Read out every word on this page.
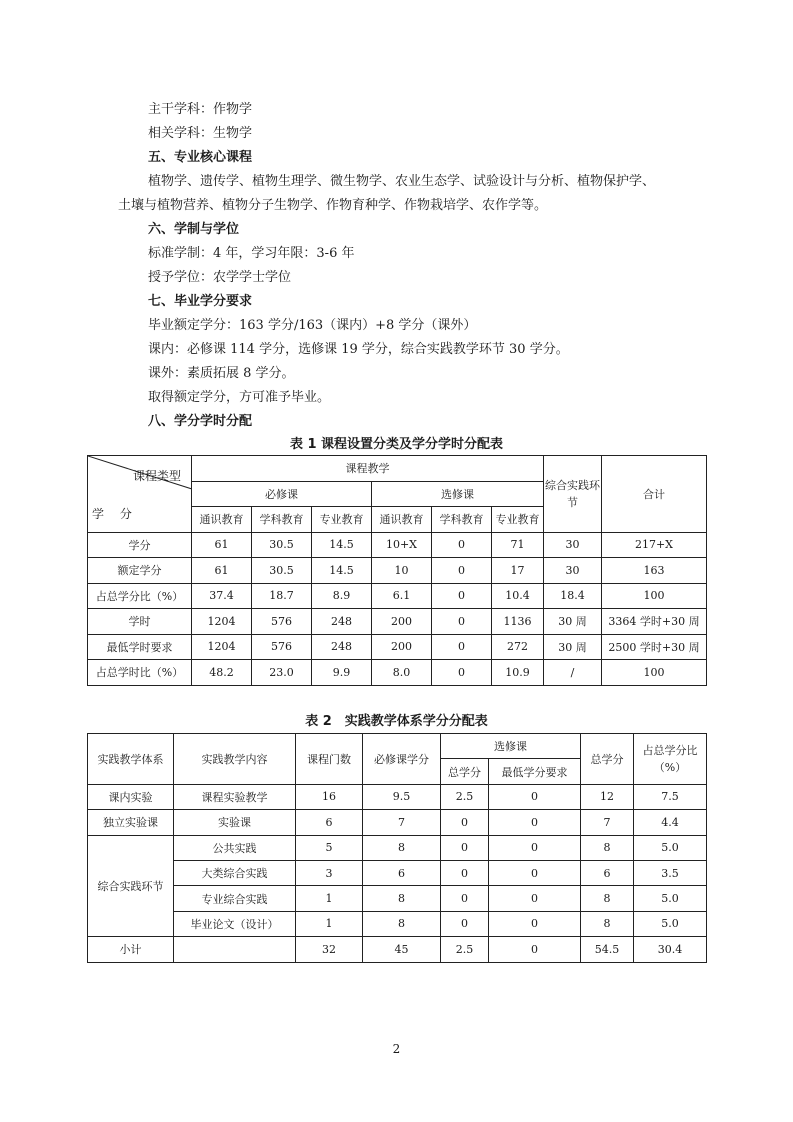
主干学科：作物学
相关学科：生物学
五、专业核心课程
植物学、遗传学、植物生理学、微生物学、农业生态学、试验设计与分析、植物保护学、
土壤与植物营养、植物分子生物学、作物育种学、作物栽培学、农作学等。
六、学制与学位
标准学制：4 年，学习年限：3-6 年
授予学位：农学学士学位
七、毕业学分要求
毕业额定学分：163 学分/163（课内）+8 学分（课外）
课内：必修课 114 学分，选修课 19 学分，综合实践教学环节 30 学分。
课外：素质拓展 8 学分。
取得额定学分，方可准予毕业。
八、学分学时分配
表 1 课程设置分类及学分学时分配表
课程类型
学 分	课程教学						综合实践环节	合计
	必修课			选修课				
	通识教育	学科教育	专业教育	通识教育	学科教育	专业教育		
学分	61	30.5	14.5	10+X	0	71	30	217+X
额定学分	61	30.5	14.5	10	0	17	30	163
占总学分比（%）	37.4	18.7	8.9	6.1	0	10.4	18.4	100
学时	1204	576	248	200	0	1136	30 周	3364 学时+30 周
最低学时要求	1204	576	248	200	0	272	30 周	2500 学时+30 周
占总学时比（%）	48.2	23.0	9.9	8.0	0	10.9	/	100
表 2　实践教学体系学分分配表
实践教学体系	实践教学内容	课程门数	必修课学分	选修课		总学分	占总学分比（%）
				总学分	最低学分要求		
课内实验	课程实验教学	16	9.5	2.5	0	12	7.5
独立实验课	实验课	6	7	0	0	7	4.4
综合实践环节	公共实践	5	8	0	0	8	5.0
	大类综合实践	3	6	0	0	6	3.5
	专业综合实践	1	8	0	0	8	5.0
	毕业论文（设计）	1	8	0	0	8	5.0
小计		32	45	2.5	0	54.5	30.4
2
